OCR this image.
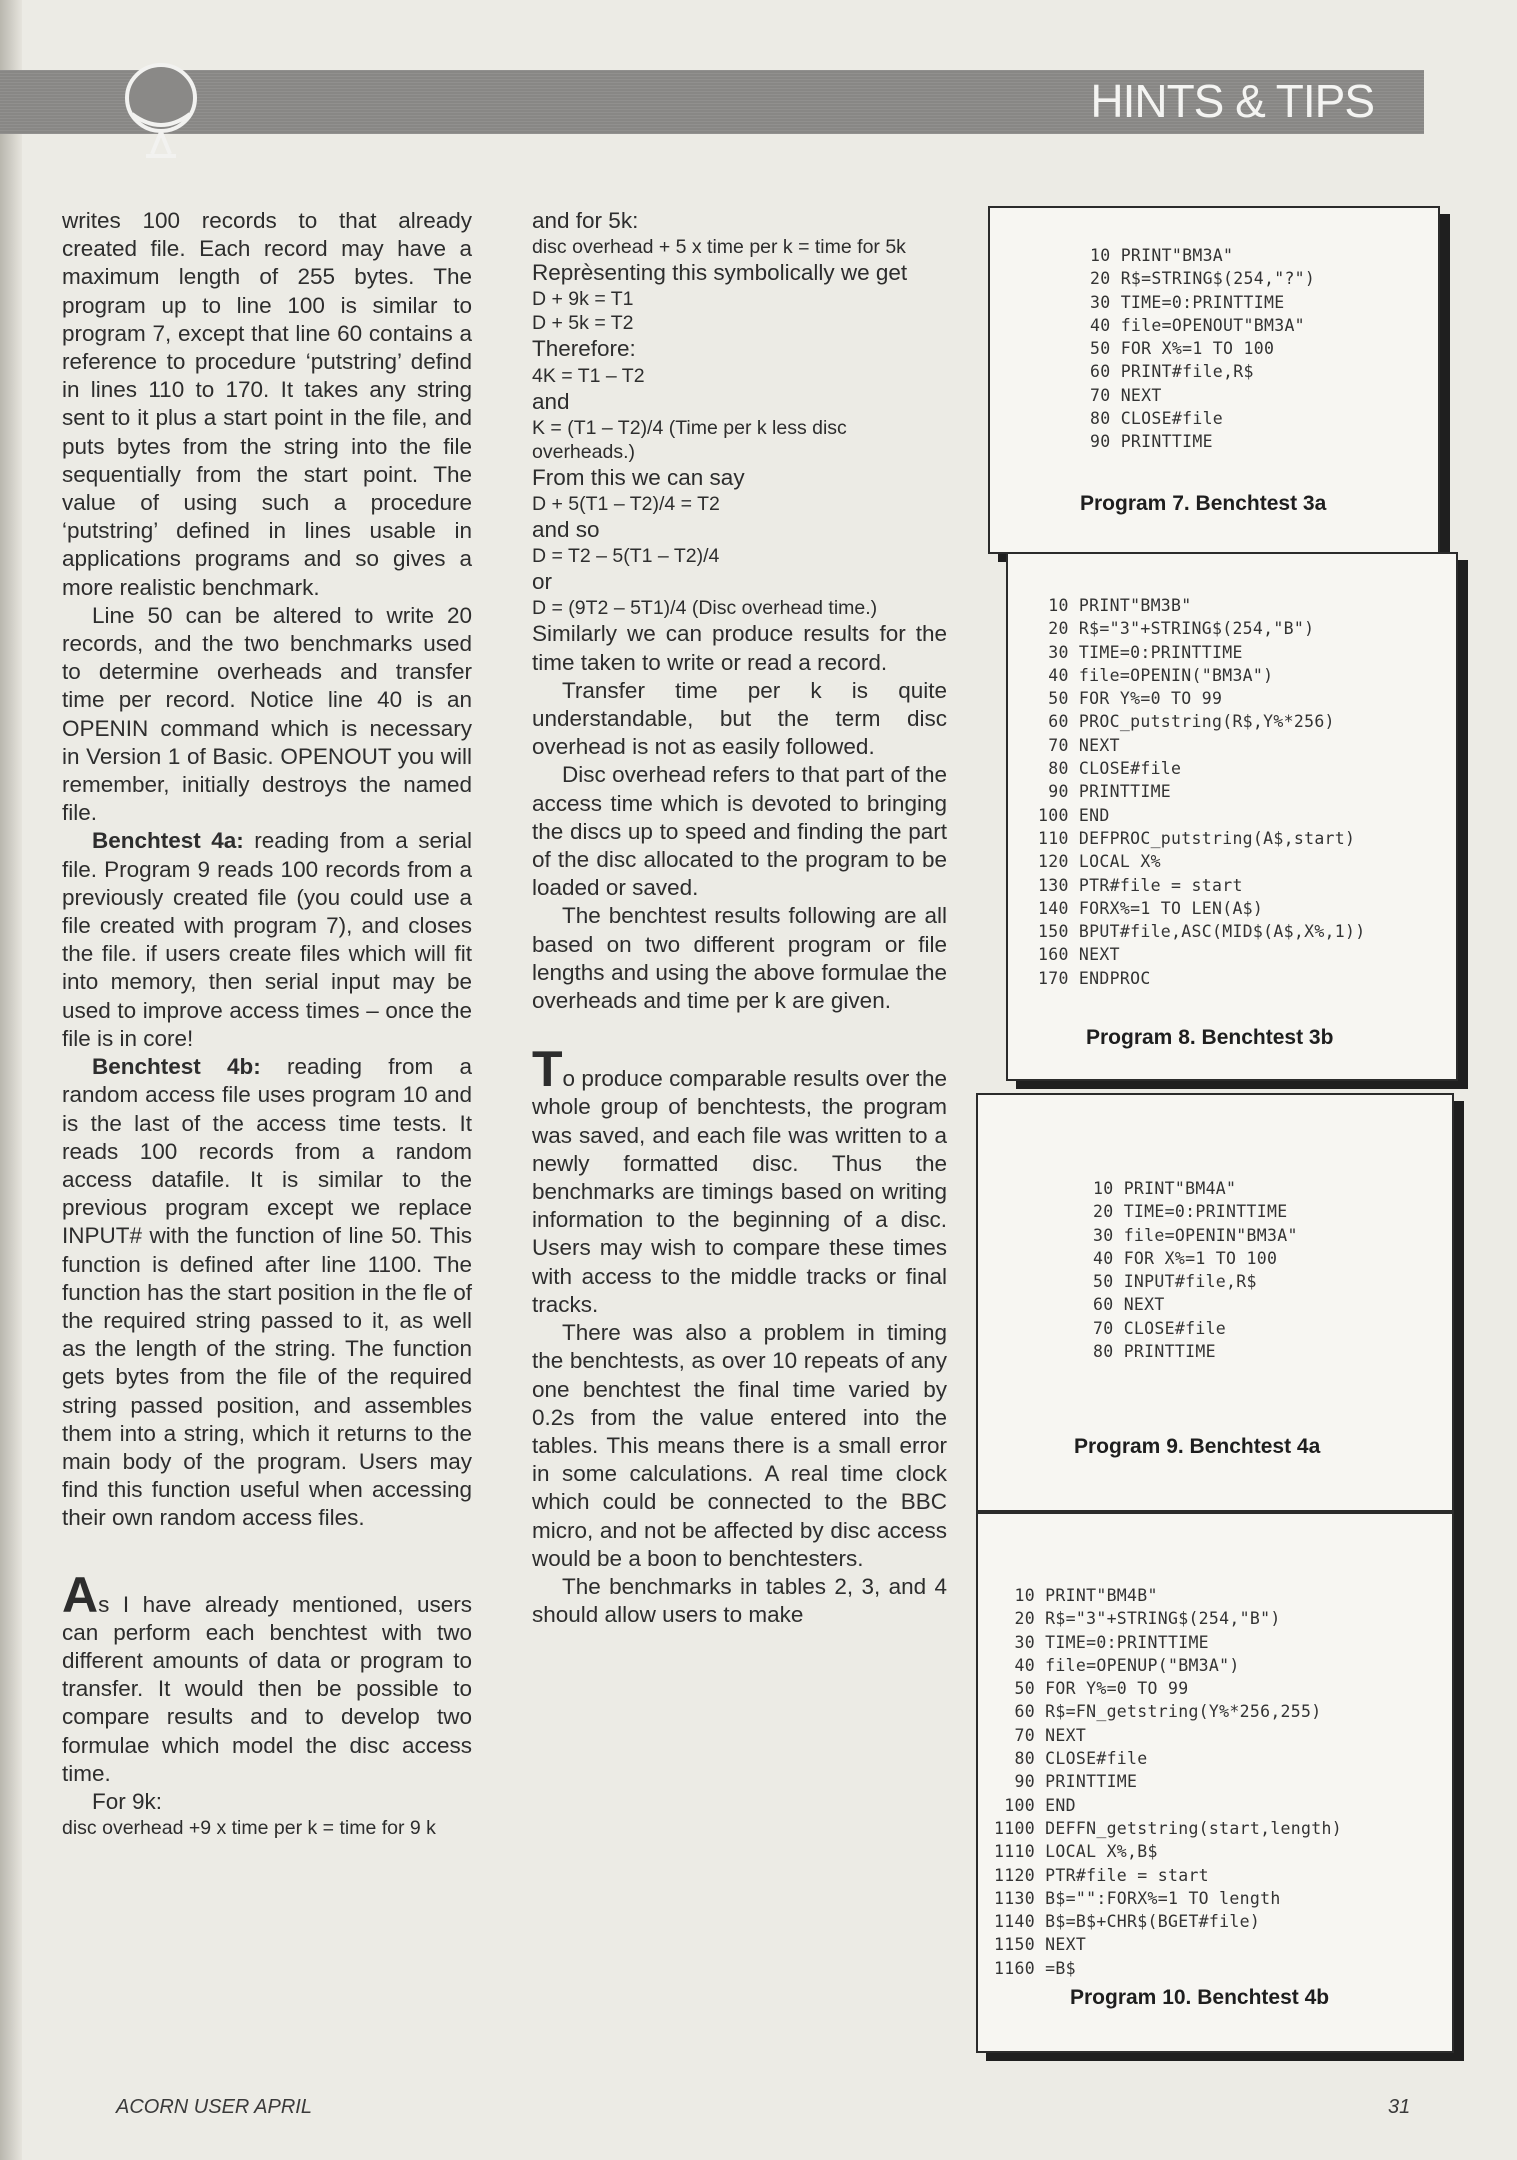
HINTS & TIPS

writes 100 records to that already created file. Each record may have a maximum length of 255 bytes. The program up to line 100 is similar to program 7, except that line 60 contains a reference to procedure ‘putstring’ defind in lines 110 to 170. It takes any string sent to it plus a start point in the file, and puts bytes from the string into the file sequentially from the start point. The value of using such a procedure ‘putstring’ defined in lines usable in applications programs and so gives a more realistic benchmark.

Line 50 can be altered to write 20 records, and the two benchmarks used to determine overheads and transfer time per record. Notice line 40 is an OPENIN command which is necessary in Version 1 of Basic. OPENOUT you will remember, initially destroys the named file.

Benchtest 4a: reading from a serial file. Program 9 reads 100 records from a previously created file (you could use a file created with program 7), and closes the file. if users create files which will fit into memory, then serial input may be used to improve access times – once the file is in core!

Benchtest 4b: reading from a random access file uses program 10 and is the last of the access time tests. It reads 100 records from a random access datafile. It is similar to the previous program except we replace INPUT# with the function of line 50. This function is defined after line 1100. The function has the start position in the fle of the required string passed to it, as well as the length of the string. The function gets bytes from the file of the required string passed position, and assembles them into a string, which it returns to the main body of the program. Users may find this function useful when accessing their own random access files.

As I have already mentioned, users can perform each benchtest with two different amounts of data or program to transfer. It would then be possible to compare results and to develop two formulae which model the disc access time.

For 9k:

disc overhead +9 x time per k = time for 9 k

and for 5k:

disc overhead + 5 x time per k = time for 5k

Reprèsenting this symbolically we get

D + 9k = T1

D + 5k = T2

Therefore:

4K = T1 – T2

and

K = (T1 – T2)/4 (Time per k less disc overheads.)

From this we can say

D + 5(T1 – T2)/4 = T2

and so

D = T2 – 5(T1 – T2)/4

or

D = (9T2 – 5T1)/4 (Disc overhead time.)

Similarly we can produce results for the time taken to write or read a record.

Transfer time per k is quite understandable, but the term disc overhead is not as easily followed.

Disc overhead refers to that part of the access time which is devoted to bringing the discs up to speed and finding the part of the disc allocated to the program to be loaded or saved.

The benchtest results following are all based on two different program or file lengths and using the above formulae the overheads and time per k are given.

To produce comparable results over the whole group of benchtests, the program was saved, and each file was written to a newly formatted disc. Thus the benchmarks are timings based on writing information to the beginning of a disc. Users may wish to compare these times with access to the middle tracks or final tracks.

There was also a problem in timing the benchtests, as over 10 repeats of any one benchtest the final time varied by 0.2s from the value entered into the tables. This means there is a small error in some calculations. A real time clock which could be connected to the BBC micro, and not be affected by disc access would be a boon to benchtesters.

The benchmarks in tables 2, 3, and 4 should allow users to make

10 PRINT"BM3A"
20 R$=STRING$(254,"?")
30 TIME=0:PRINTTIME
40 file=OPENOUT"BM3A"
50 FOR X%=1 TO 100
60 PRINT#file,R$
70 NEXT
80 CLOSE#file
90 PRINTTIME
Program 7. Benchtest 3a
10 PRINT"BM3B"
20 R$="3"+STRING$(254,"B")
30 TIME=0:PRINTTIME
40 file=OPENIN("BM3A")
50 FOR Y%=0 TO 99
60 PROC_putstring(R$,Y%*256)
70 NEXT
80 CLOSE#file
90 PRINTTIME
100 END
110 DEFPROC_putstring(A$,start)
120 LOCAL X%
130 PTR#file = start
140 FORX%=1 TO LEN(A$)
150 BPUT#file,ASC(MID$(A$,X%,1))
160 NEXT
170 ENDPROC
Program 8. Benchtest 3b
10 PRINT"BM4A"
20 TIME=0:PRINTTIME
30 file=OPENIN"BM3A"
40 FOR X%=1 TO 100
50 INPUT#file,R$
60 NEXT
70 CLOSE#file
80 PRINTTIME
Program 9. Benchtest 4a
10 PRINT"BM4B"
20 R$="3"+STRING$(254,"B")
30 TIME=0:PRINTTIME
40 file=OPENUP("BM3A")
50 FOR Y%=0 TO 99
60 R$=FN_getstring(Y%*256,255)
70 NEXT
80 CLOSE#file
90 PRINTTIME
100 END
1100 DEFFN_getstring(start,length)
1110 LOCAL X%,B$
1120 PTR#file = start
1130 B$="":FORX%=1 TO length
1140 B$=B$+CHR$(BGET#file)
1150 NEXT
1160 =B$
Program 10. Benchtest 4b
ACORN USER APRIL	31
